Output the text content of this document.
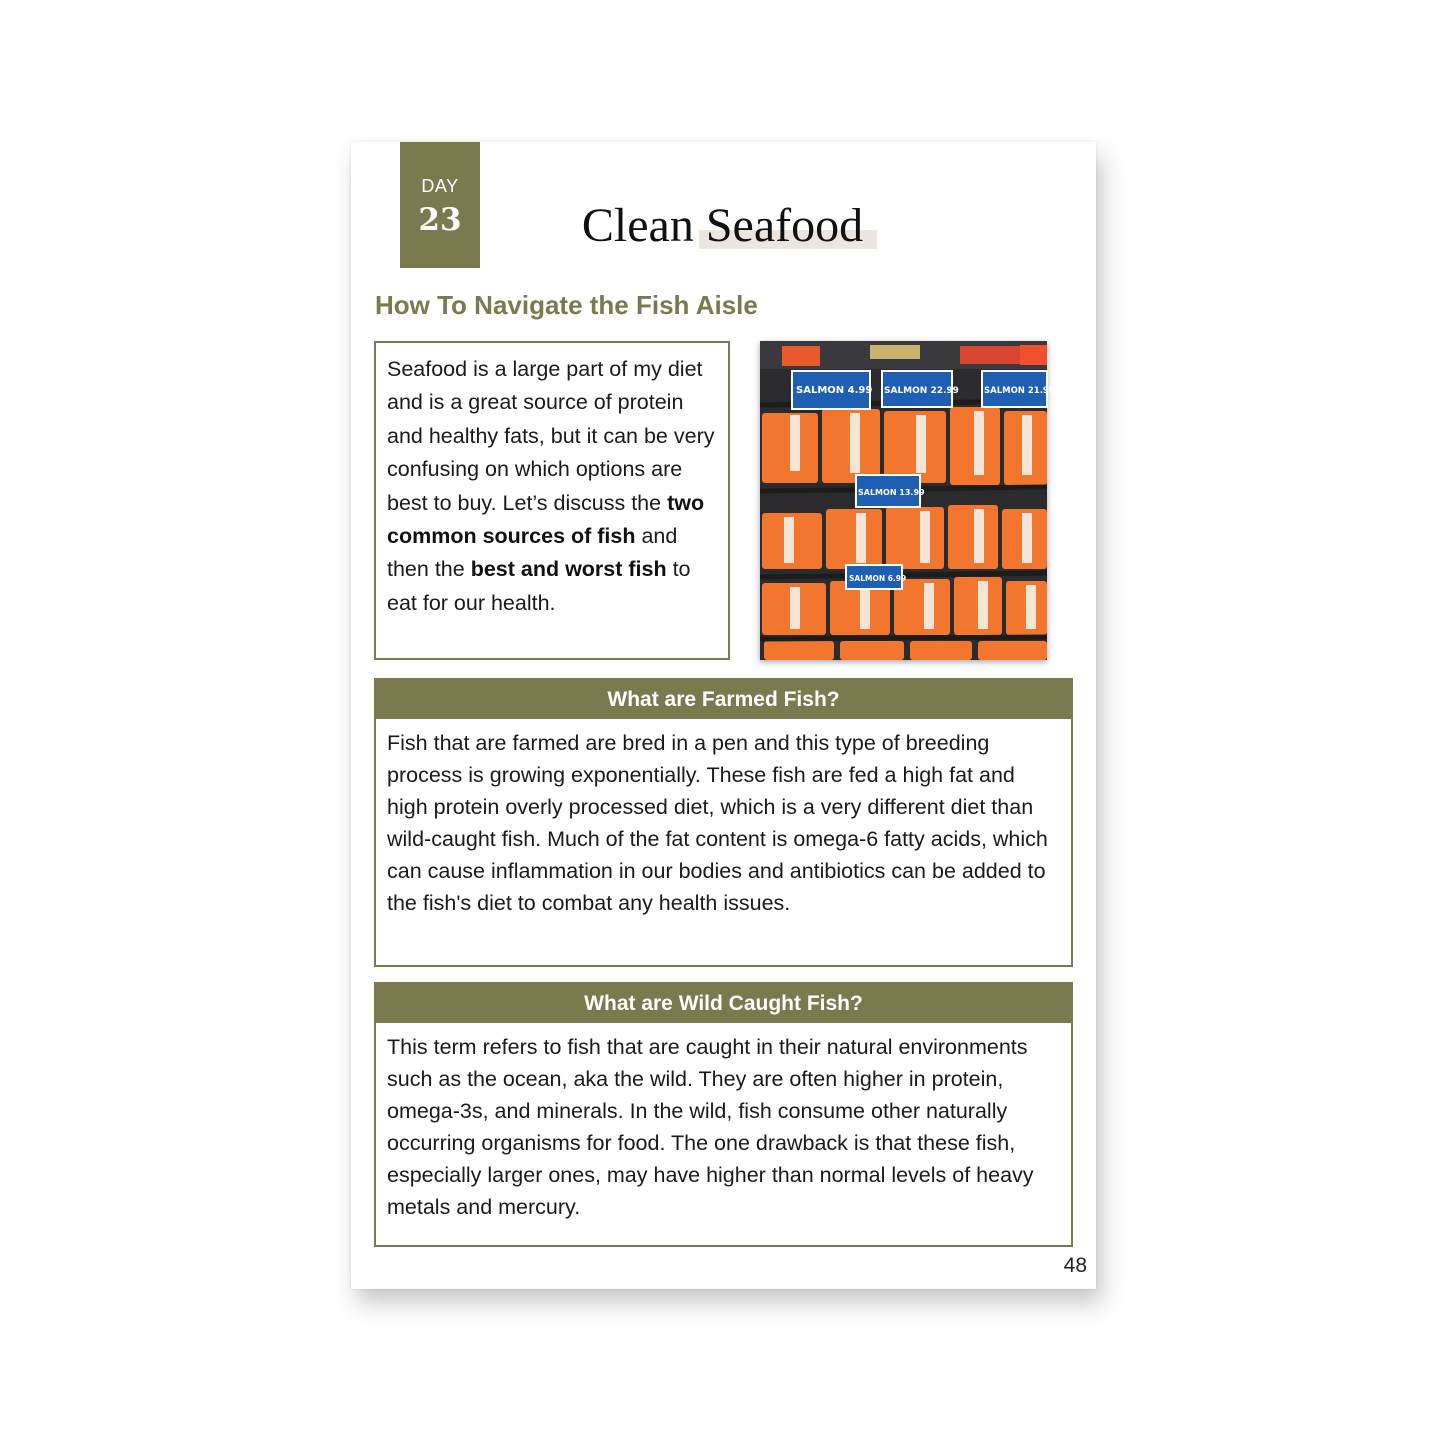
DAY
23	Clean Seafood
How To Navigate the Fish Aisle
Seafood is a large part of my diet and is a great source of protein and healthy fats, but it can be very confusing on which options are best to buy. Let’s discuss the two common sources of fish and then the best and worst fish to eat for our health.
SALMON 4.99 SALMON 22.99	SALMON 21.99
SALMON 13.99
SALMON 6.99
What are Farmed Fish?
Fish that are farmed are bred in a pen and this type of breeding process is growing exponentially. These fish are fed a high fat and high protein overly processed diet, which is a very different diet than wild-caught fish. Much of the fat content is omega-6 fatty acids, which can cause inflammation in our bodies and antibiotics can be added to the fish's diet to combat any health issues.
What are Wild Caught Fish?
This term refers to fish that are caught in their natural environments such as the ocean, aka the wild. They are often higher in protein, omega-3s, and minerals. In the wild, fish consume other naturally occurring organisms for food. The one drawback is that these fish, especially larger ones, may have higher than normal levels of heavy metals and mercury.
48
